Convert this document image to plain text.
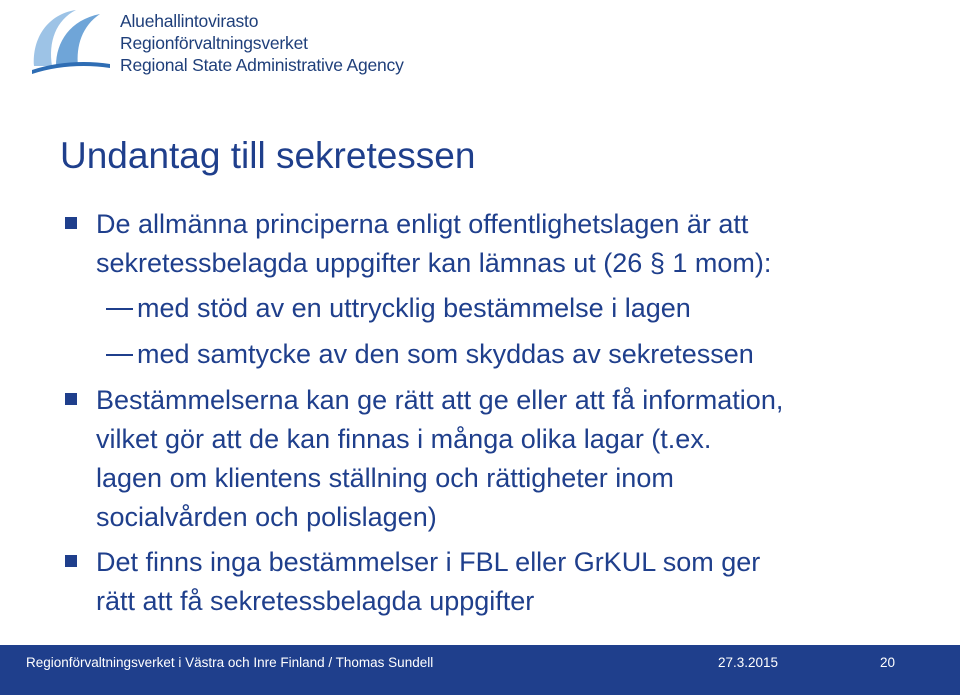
Aluehallintovirasto
Regionförvaltningsverket
Regional State Administrative Agency
Undantag till sekretessen
De allmänna principerna enligt offentlighetslagen är att
sekretessbelagda uppgifter kan lämnas ut (26 § 1 mom):
med stöd av en uttrycklig bestämmelse i lagen
med samtycke av den som skyddas av sekretessen
Bestämmelserna kan ge rätt att ge eller att få information,
vilket gör att de kan finnas i många olika lagar (t.ex.
lagen om klientens ställning och rättigheter inom
socialvården och polislagen)
Det finns inga bestämmelser i FBL eller GrKUL som ger
rätt att få sekretessbelagda uppgifter
Regionförvaltningsverket i Västra och Inre Finland / Thomas Sundell	27.3.2015	20
